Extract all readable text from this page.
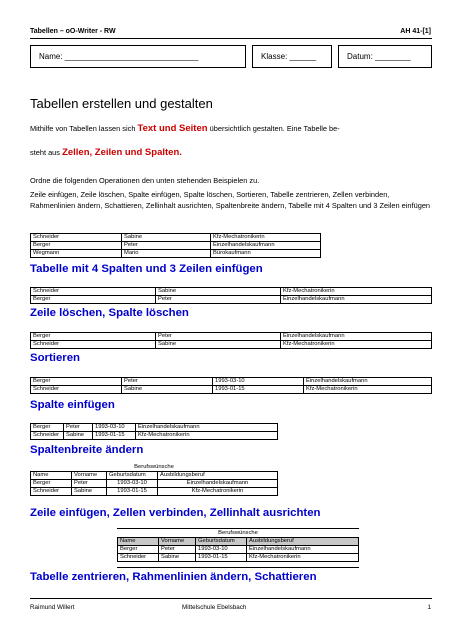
Tabellen – oO-Writer - RW	AH 41-[1]
Name: ______________________________	Klasse: ______	Datum: ________
Tabellen erstellen und gestalten
Mithilfe von Tabellen lassen sich Text und Seiten übersichtlich gestalten. Eine Tabelle be-
steht aus Zellen, Zeilen und Spalten.
Ordne die folgenden Operationen den unten stehenden Beispielen zu.
Zeile einfügen, Zeile löschen, Spalte einfügen, Spalte löschen, Sortieren, Tabelle zentrieren, Zellen verbinden, Rahmenlinien ändern, Schattieren, Zellinhalt ausrichten, Spaltenbreite ändern, Tabelle mit 4 Spalten und 3 Zeilen einfügen
Schneider	Sabine	Kfz-Mechatronikerin
Berger	Peter	Einzelhandelskaufmann
Wegmann	Mario	Bürokaufmann
Tabelle mit 4 Spalten und 3 Zeilen einfügen
Schneider	Sabine	Kfz-Mechatronikerin
Berger	Peter	Einzelhandelskaufmann
Zeile löschen, Spalte löschen
Berger	Peter	Einzelhandelskaufmann
Schneider	Sabine	Kfz-Mechatronikerin
Sortieren
Berger	Peter	1993-03-10	Einzelhandelskaufmann
Schneider	Sabine	1993-01-15	Kfz-Mechatronikerin
Spalte einfügen
Berger	Peter	1993-03-10	Einzelhandelskaufmann
Schneider	Sabine	1993-01-15	Kfz-Mechatronikerin
Spaltenbreite ändern
Berufswünsche			
Name	Vorname	Geburtsdatum	Ausbildungsberuf
Berger	Peter	1993-03-10	Einzelhandelskaufmann
Schneider	Sabine	1993-01-15	Kfz-Mechatronikerin
Zeile einfügen, Zellen verbinden, Zellinhalt ausrichten
Berufswünsche			
Name	Vorname	Geburtsdatum	Ausbildungsberuf
Berger	Peter	1993-03-10	Einzelhandelskaufmann
Schneider	Sabine	1993-01-15	Kfz-Mechatronikerin
Tabelle zentrieren, Rahmenlinien ändern, Schattieren
Raimund Willert	Mittelschule Ebelsbach	1
